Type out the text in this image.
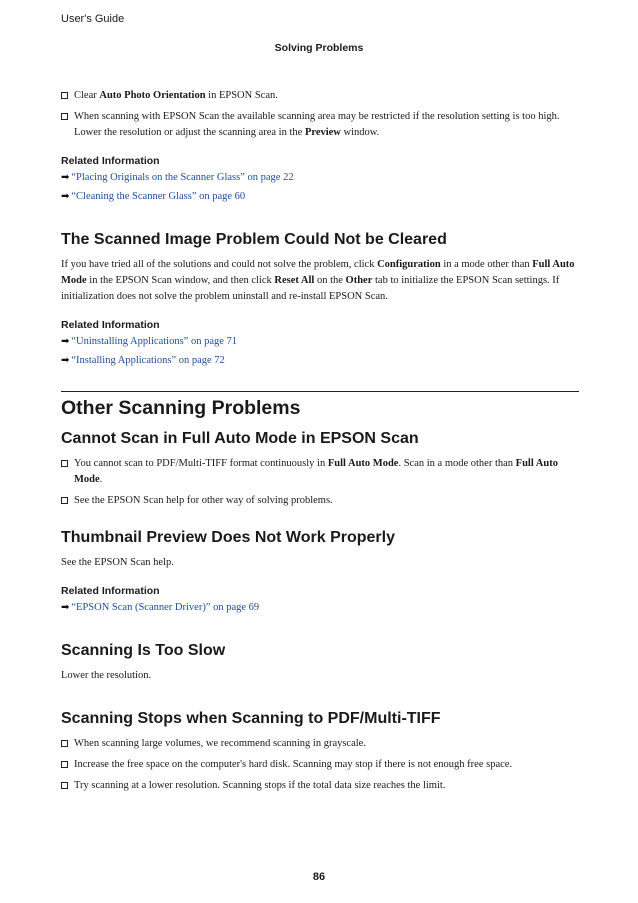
User's Guide
Solving Problems
Clear Auto Photo Orientation in EPSON Scan.
When scanning with EPSON Scan the available scanning area may be restricted if the resolution setting is too high. Lower the resolution or adjust the scanning area in the Preview window.
Related Information
➡ “Placing Originals on the Scanner Glass” on page 22
➡ “Cleaning the Scanner Glass” on page 60
The Scanned Image Problem Could Not be Cleared

If you have tried all of the solutions and could not solve the problem, click Configuration in a mode other than Full Auto Mode in the EPSON Scan window, and then click Reset All on the Other tab to initialize the EPSON Scan settings. If initialization does not solve the problem uninstall and re-install EPSON Scan.

Related Information
➡ “Uninstalling Applications” on page 71
➡ “Installing Applications” on page 72
Other Scanning Problems
Cannot Scan in Full Auto Mode in EPSON Scan
You cannot scan to PDF/Multi-TIFF format continuously in Full Auto Mode. Scan in a mode other than Full Auto Mode.
See the EPSON Scan help for other way of solving problems.
Thumbnail Preview Does Not Work Properly

See the EPSON Scan help.

Related Information
➡ “EPSON Scan (Scanner Driver)” on page 69
Scanning Is Too Slow

Lower the resolution.

Scanning Stops when Scanning to PDF/Multi-TIFF
When scanning large volumes, we recommend scanning in grayscale.
Increase the free space on the computer's hard disk. Scanning may stop if there is not enough free space.
Try scanning at a lower resolution. Scanning stops if the total data size reaches the limit.
86
